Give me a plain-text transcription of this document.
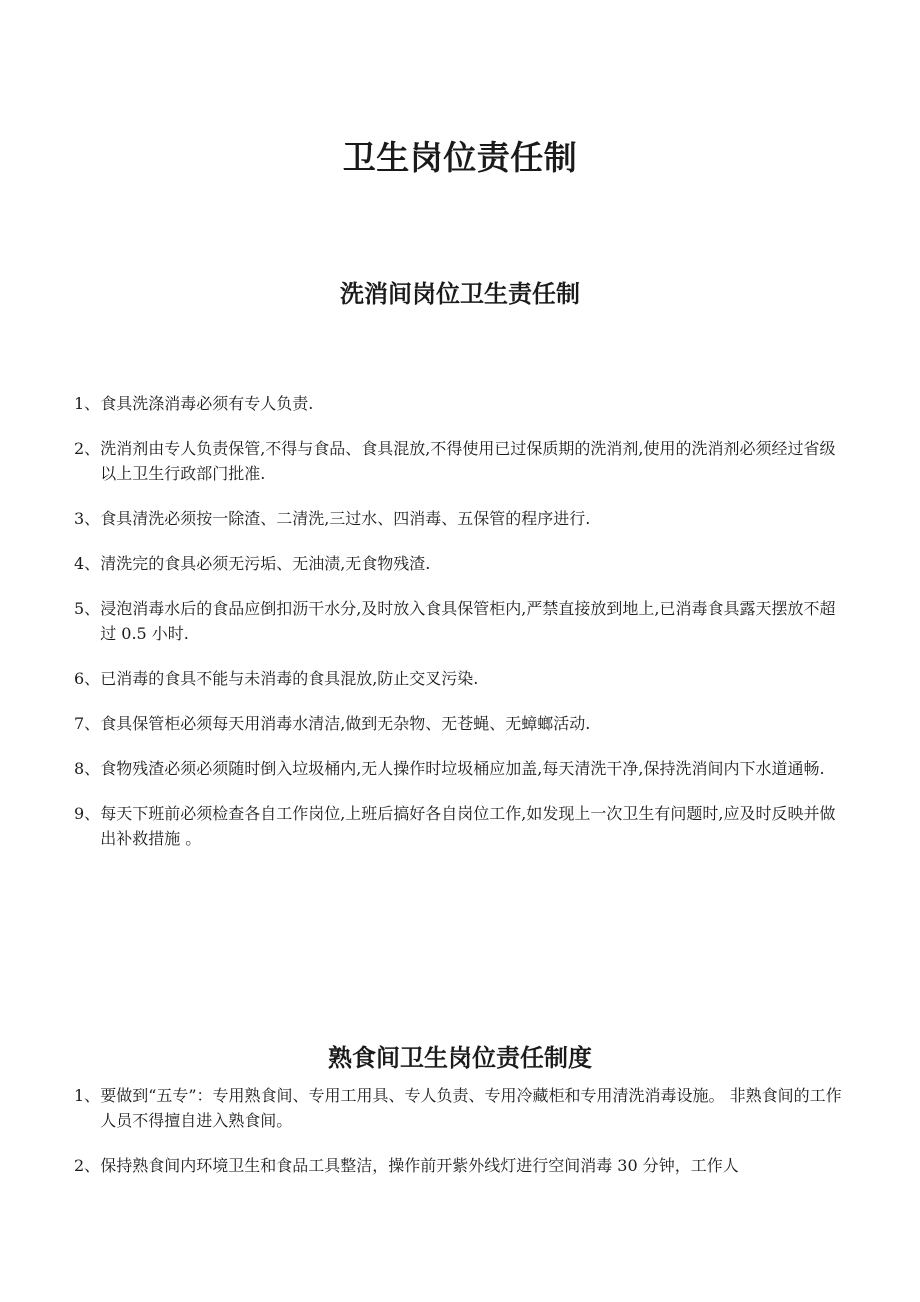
卫生岗位责任制
洗消间岗位卫生责任制
1、 食具洗涤消毒必须有专人负责.
2、 洗消剂由专人负责保管,不得与食品、食具混放,不得使用已过保质期的洗消剂,使用的洗消剂必须经过省级以上卫生行政部门批准.
3、 食具清洗必须按一除渣、二清洗,三过水、四消毒、五保管的程序进行.
4、 清洗完的食具必须无污垢、无油渍,无食物残渣.
5、 浸泡消毒水后的食品应倒扣沥干水分,及时放入食具保管柜内,严禁直接放到地上,已消毒食具露天摆放不超过 0.5 小时.
6、 已消毒的食具不能与未消毒的食具混放,防止交叉污染.
7、 食具保管柜必须每天用消毒水清洁,做到无杂物、无苍蝇、无蟑螂活动.
8、 食物残渣必须必须随时倒入垃圾桶内,无人操作时垃圾桶应加盖,每天清洗干净,保持洗消间内下水道通畅.
9、 每天下班前必须检查各自工作岗位,上班后搞好各自岗位工作,如发现上一次卫生有问题时,应及时反映并做出补救措施 。
熟食间卫生岗位责任制度
1、 要做到“五专”：专用熟食间、专用工用具、专人负责、专用冷藏柜和专用清洗消毒设施。 非熟食间的工作人员不得擅自进入熟食间。
2、 保持熟食间内环境卫生和食品工具整洁，操作前开紫外线灯进行空间消毒 30 分钟，工作人
